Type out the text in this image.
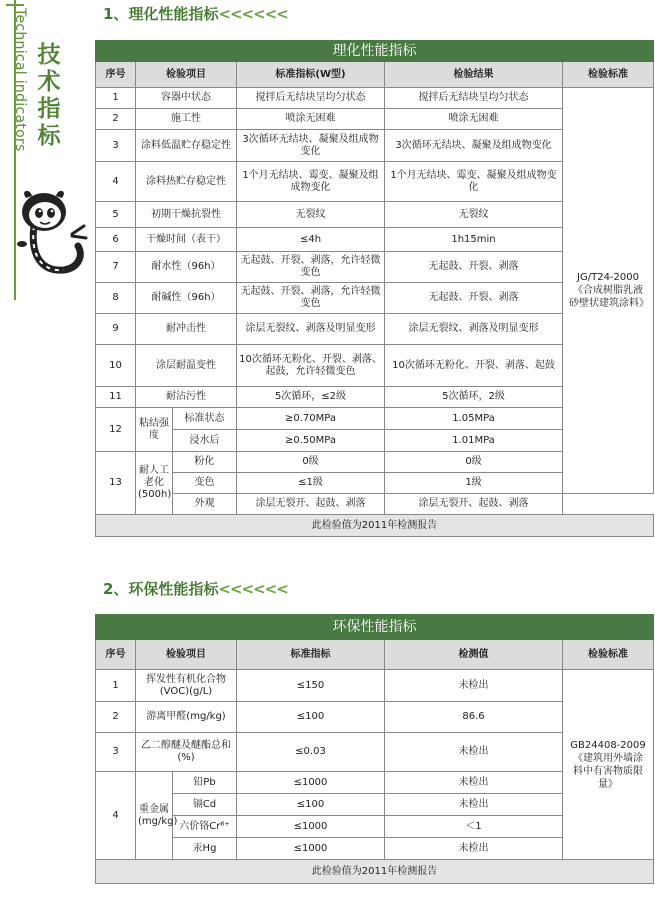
Technical indicators 技术指标
1、理化性能指标<<<<<<
理化性能指标					
序号	检验项目		标准指标(W型)	检验结果	检验标准
1	容器中状态		搅拌后无结块呈均匀状态	搅拌后无结块呈均匀状态	JG/T24-2000《合成树脂乳液砂壁状建筑涂料》
2	施工性		喷涂无困难	喷涂无困难	
3	涂料低温贮存稳定性		3次循环无结块、凝聚及组成物变化	3次循环无结块、凝聚及组成物变化	
4	涂料热贮存稳定性		1个月无结块、霉变、凝聚及组成物变化	1个月无结块、霉变、凝聚及组成物变化	
5	初期干燥抗裂性		无裂纹	无裂纹	
6	干燥时间（表干）		≤4h	1h15min	
7	耐水性（96h）		无起鼓、开裂、剥落，允许轻微变色	无起鼓、开裂、剥落	
8	耐碱性（96h）		无起鼓、开裂、剥落，允许轻微变色	无起鼓、开裂、剥落	
9	耐冲击性		涂层无裂纹、剥落及明显变形	涂层无裂纹、剥落及明显变形	
10	涂层耐温变性		10次循环无粉化、开裂、剥落、起鼓，允许轻微变色	10次循环无粉化、开裂、剥落、起鼓	
11	耐沾污性		5次循环，≤2级	5次循环，2级	
12	粘结强度	标准状态	≥0.70MPa	1.05MPa	
		浸水后	≥0.50MPa	1.01MPa	
13	耐人工老化(500h)	粉化	0级	0级	
		变色	≤1级	1级	
		外观	涂层无裂开、起鼓、剥落	涂层无裂开、起鼓、剥落	
此检验值为2011年检测报告					
2、环保性能指标<<<<<<
环保性能指标					
序号	检验项目		标准指标	检测值	检验标准
1	挥发性有机化合物(VOC)(g/L)		≤150	未检出	GB24408-2009《建筑用外墙涂料中有害物质限量》
2	游离甲醛(mg/kg)		≤100	86.6	
3	乙二醇醚及醚酯总和(%)		≤0.03	未检出	
4	重金属(mg/kg)	铅Pb	≤1000	未检出	
		镉Cd	≤100	未检出	
		六价铬Cr⁶⁺	≤1000	＜1	
		汞Hg	≤1000	未检出	
此检验值为2011年检测报告					
